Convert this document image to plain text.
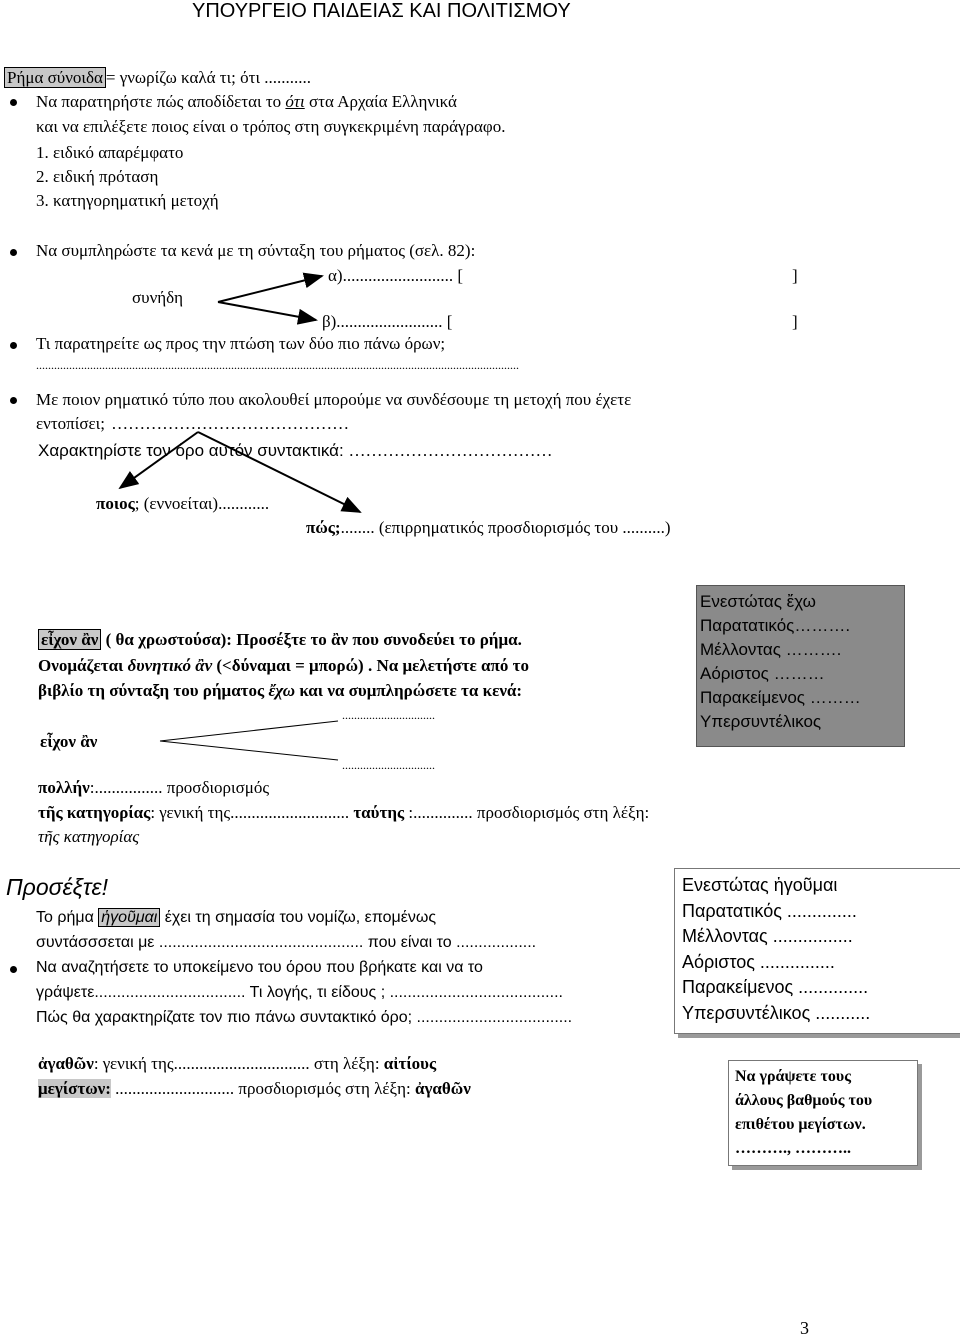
ΥΠΟΥΡΓΕΙΟ ΠΑΙΔΕΙΑΣ ΚΑΙ ΠΟΛΙΤΙΣΜΟΥ
Ρήμα σύνοιδα = γνωρίζω καλά τι; ότι ...........
Να παρατηρήστε πώς αποδίδεται το ότι στα Αρχαία Ελληνικά
και να επιλέξετε ποιος είναι ο τρόπος στη συγκεκριμένη παράγραφο.
1. ειδικό απαρέμφατο
2. ειδική πρόταση
3. κατηγορηματική μετοχή
Να συμπληρώστε τα κενά με τη σύνταξη του ρήματος (σελ. 82):
α).......................... [	]
συνήδη
β)......................... [	]
Τι παρατηρείτε ως προς την πτώση των δύο πιο πάνω όρων;
.................................................................................................................................................................
Με ποιον ρηματικό τύπο που ακολουθεί μπορούμε να συνδέσουμε τη μετοχή που έχετε
εντοπίσει; ……………………………………
Χαρακτηρίστε τον όρο αυτόν συντακτικά: ………………………………
ποιος; (εννοείται)............
πώς;........ (επιρρηματικός προσδιορισμός του ..........)
Ενεστώτας ἔχω
Παρατατικός……….
Μέλλοντας ……….
Αόριστος ………
Παρακείμενος ………
Υπερσυντέλικος
εἶχον ἂν ( θα χρωστούσα): Προσέξτε το ἂν που συνοδεύει το ρήμα.
Ονομάζεται δυνητικό ἂν (<δύναμαι = μπορώ) . Να μελετήστε από το
βιβλίο τη σύνταξη του ρήματος ἔχω και να συμπληρώσετε τα κενά:
...............................
εἶχον ἂν
...............................
πολλήν:................ προσδιορισμός
τῆς κατηγορίας: γενική της............................ ταύτης :.............. προσδιορισμός στη λέξη:
τῆς κατηγορίας
Ενεστώτας ἡγοῦμαι
Παρατατικός ..............
Μέλλοντας ................
Αόριστος ...............
Παρακείμενος ..............
Υπερσυντέλικος ...........
Προσέξτε!
Το ρήμα ἡγοῦμαι έχει τη σημασία του νομίζω, επομένως
συντάσσσεται με .............................................. που είναι το ..................
Να αναζητήσετε το υποκείμενο του όρου που βρήκατε και να το
γράψετε.................................. Τι λογής, τι είδους ; .......................................
Πώς θα χαρακτηρίζατε τον πιο πάνω συντακτικό όρο; ...................................
ἀγαθῶν: γενική της................................ στη λέξη: αἰτίους
μεγίστων: ............................ προσδιορισμός στη λέξη: ἀγαθῶν
Να γράψετε τους
άλλους βαθμούς του
επιθέτου μεγίστων.
………., ………..
3
